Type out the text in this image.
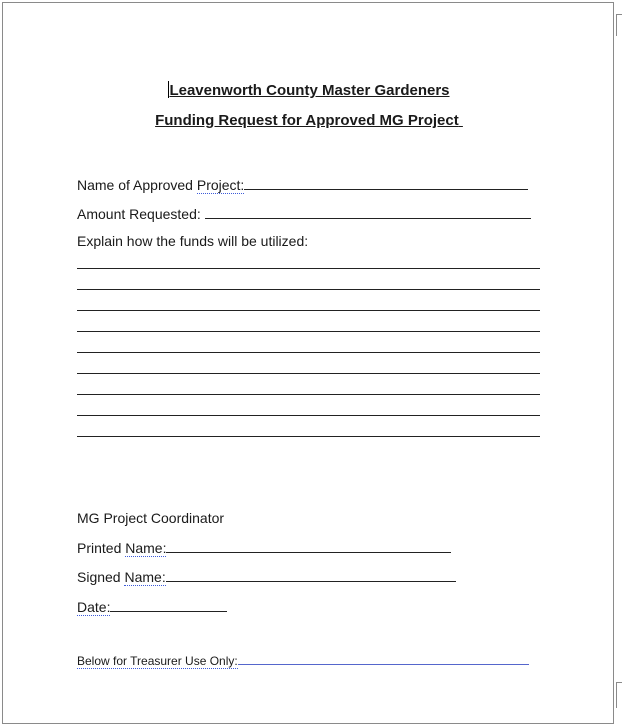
Leavenworth County Master Gardeners
Funding Request for Approved MG Project
Name of Approved Project:
Amount Requested:
Explain how the funds will be utilized:
MG Project Coordinator
Printed Name:
Signed Name:
Date:
Below for Treasurer Use Only:
